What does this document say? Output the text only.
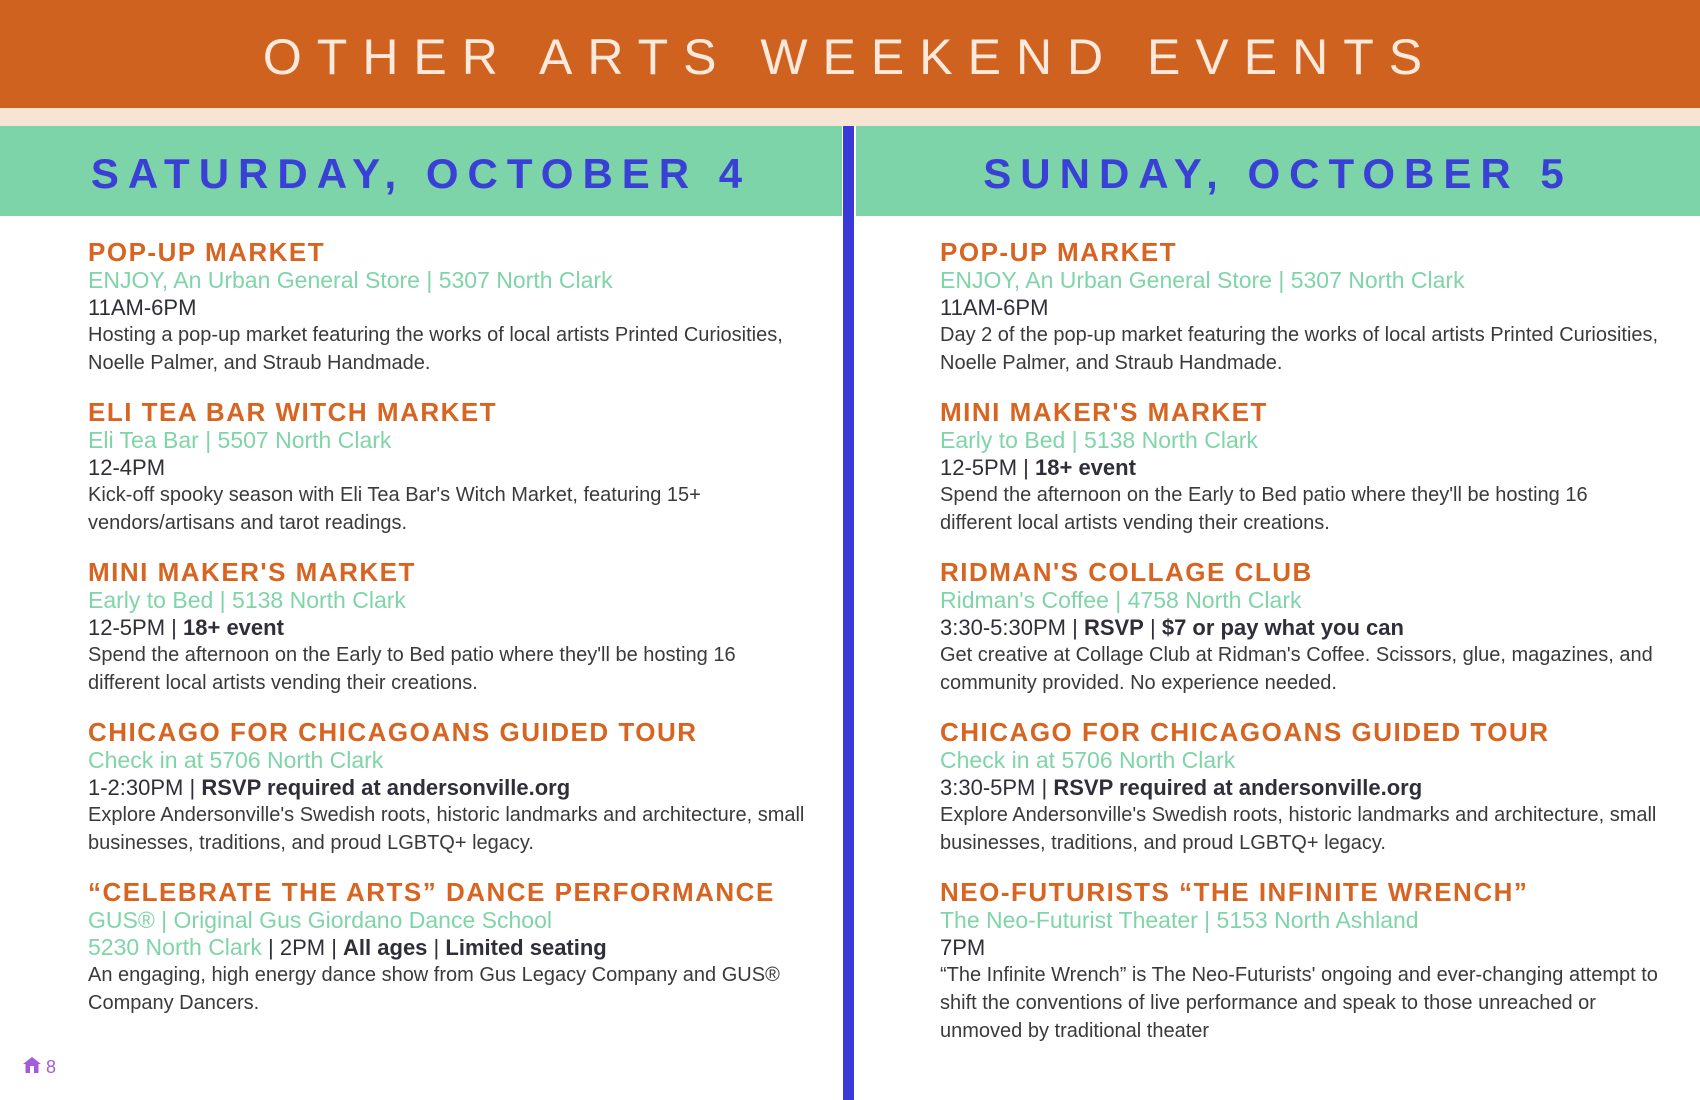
OTHER ARTS WEEKEND EVENTS
SATURDAY, OCTOBER 4	SUNDAY, OCTOBER 5
POP-UP MARKET
ENJOY, An Urban General Store | 5307 North Clark
11AM-6PM
Hosting a pop-up market featuring the works of local artists Printed Curiosities, Noelle Palmer, and Straub Handmade.
ELI TEA BAR WITCH MARKET
Eli Tea Bar | 5507 North Clark
12-4PM
Kick-off spooky season with Eli Tea Bar's Witch Market, featuring 15+ vendors/artisans and tarot readings.
MINI MAKER'S MARKET
Early to Bed | 5138 North Clark
12-5PM | 18+ event
Spend the afternoon on the Early to Bed patio where they'll be hosting 16 different local artists vending their creations.
CHICAGO FOR CHICAGOANS GUIDED TOUR
Check in at 5706 North Clark
1-2:30PM | RSVP required at andersonville.org
Explore Andersonville's Swedish roots, historic landmarks and architecture, small businesses, traditions, and proud LGBTQ+ legacy.
“CELEBRATE THE ARTS” DANCE PERFORMANCE
GUS® | Original Gus Giordano Dance School
5230 North Clark | 2PM | All ages | Limited seating
An engaging, high energy dance show from Gus Legacy Company and GUS® Company Dancers.
POP-UP MARKET
ENJOY, An Urban General Store | 5307 North Clark
11AM-6PM
Day 2 of the pop-up market featuring the works of local artists Printed Curiosities, Noelle Palmer, and Straub Handmade.
MINI MAKER'S MARKET
Early to Bed | 5138 North Clark
12-5PM | 18+ event
Spend the afternoon on the Early to Bed patio where they'll be hosting 16 different local artists vending their creations.
RIDMAN'S COLLAGE CLUB
Ridman's Coffee | 4758 North Clark
3:30-5:30PM | RSVP | $7 or pay what you can
Get creative at Collage Club at Ridman's Coffee. Scissors, glue, magazines, and community provided. No experience needed.
CHICAGO FOR CHICAGOANS GUIDED TOUR
Check in at 5706 North Clark
3:30-5PM | RSVP required at andersonville.org
Explore Andersonville's Swedish roots, historic landmarks and architecture, small businesses, traditions, and proud LGBTQ+ legacy.
NEO-FUTURISTS “THE INFINITE WRENCH”
The Neo-Futurist Theater | 5153 North Ashland
7PM
“The Infinite Wrench” is The Neo-Futurists' ongoing and ever-changing attempt to shift the conventions of live performance and speak to those unreached or unmoved by traditional theater
8
